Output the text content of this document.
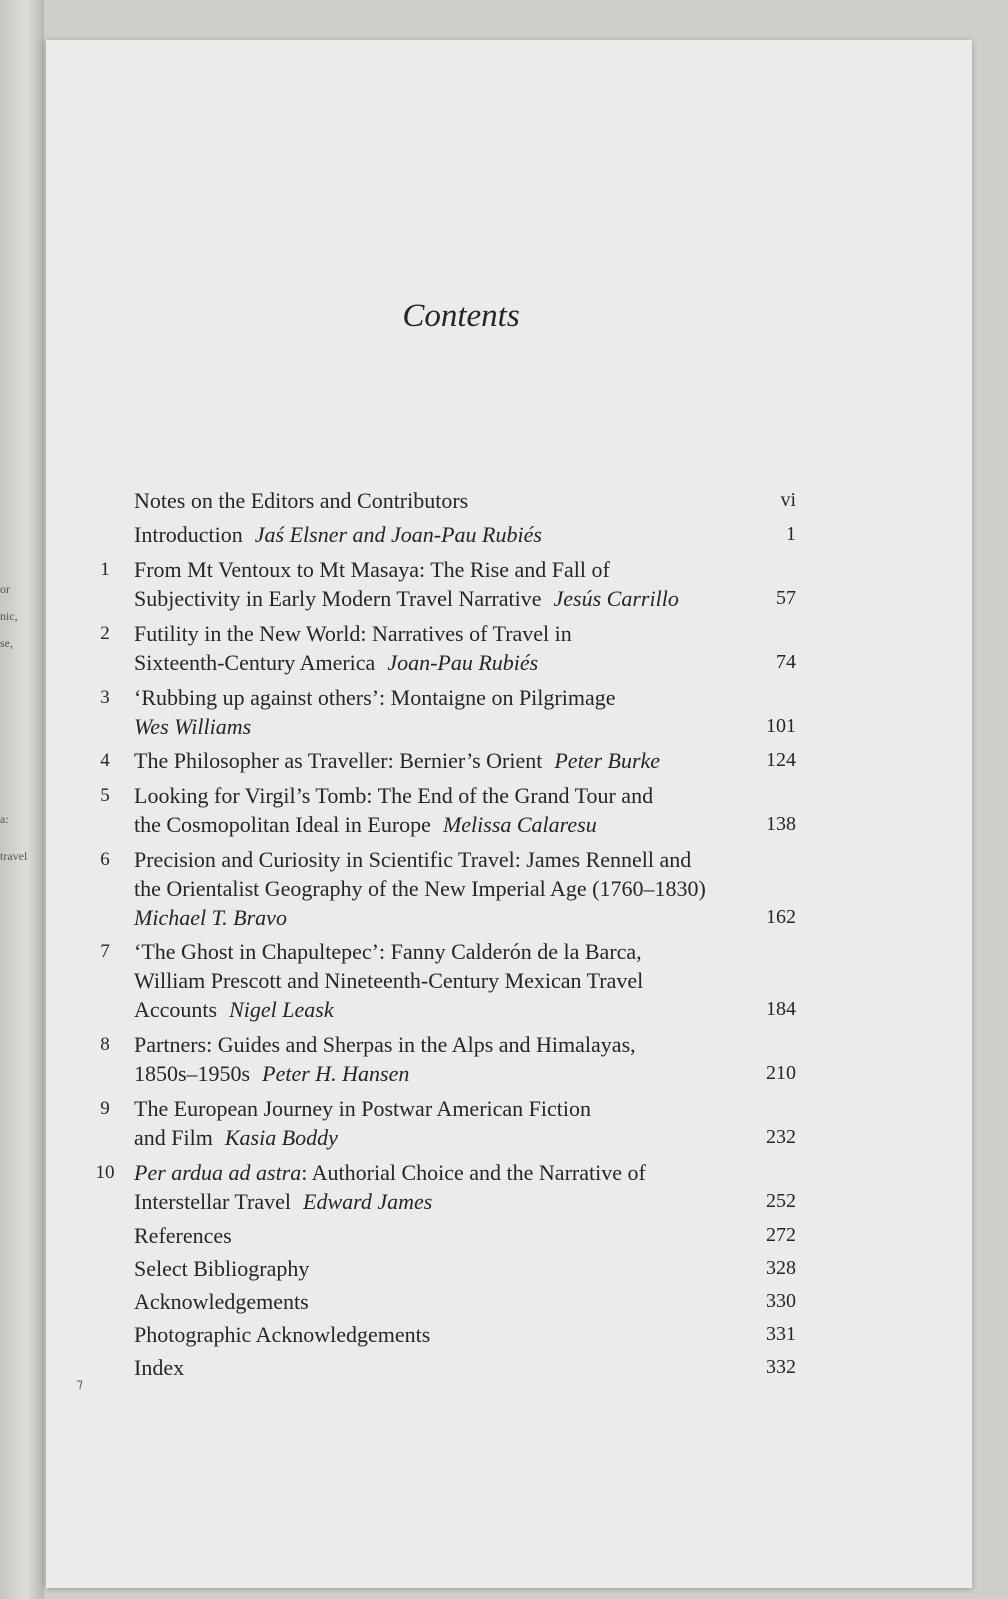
or
nic,
se,
a:
travel
Contents
Notes on the Editors and Contributors	vi
Introduction Jaś Elsner and Joan-Pau Rubiés	1
1	From Mt Ventoux to Mt Masaya: The Rise and Fall of
Subjectivity in Early Modern Travel Narrative Jesús Carrillo	57
2	Futility in the New World: Narratives of Travel in
Sixteenth-Century America Joan-Pau Rubiés	74
3	‘Rubbing up against others’: Montaigne on Pilgrimage
Wes Williams	101
4	The Philosopher as Traveller: Bernier’s Orient Peter Burke	124
5	Looking for Virgil’s Tomb: The End of the Grand Tour and
the Cosmopolitan Ideal in Europe Melissa Calaresu	138
6	Precision and Curiosity in Scientific Travel: James Rennell and
the Orientalist Geography of the New Imperial Age (1760–1830)
Michael T. Bravo	162
7	‘The Ghost in Chapultepec’: Fanny Calderón de la Barca,
William Prescott and Nineteenth-Century Mexican Travel
Accounts Nigel Leask	184
8	Partners: Guides and Sherpas in the Alps and Himalayas,
1850s–1950s Peter H. Hansen	210
9	The European Journey in Postwar American Fiction
and Film Kasia Boddy	232
10 Per ardua ad astra: Authorial Choice and the Narrative of
Interstellar Travel Edward James	252
References	272
Select Bibliography	328
Acknowledgements	330
Photographic Acknowledgements	331
Index	332
⁊
